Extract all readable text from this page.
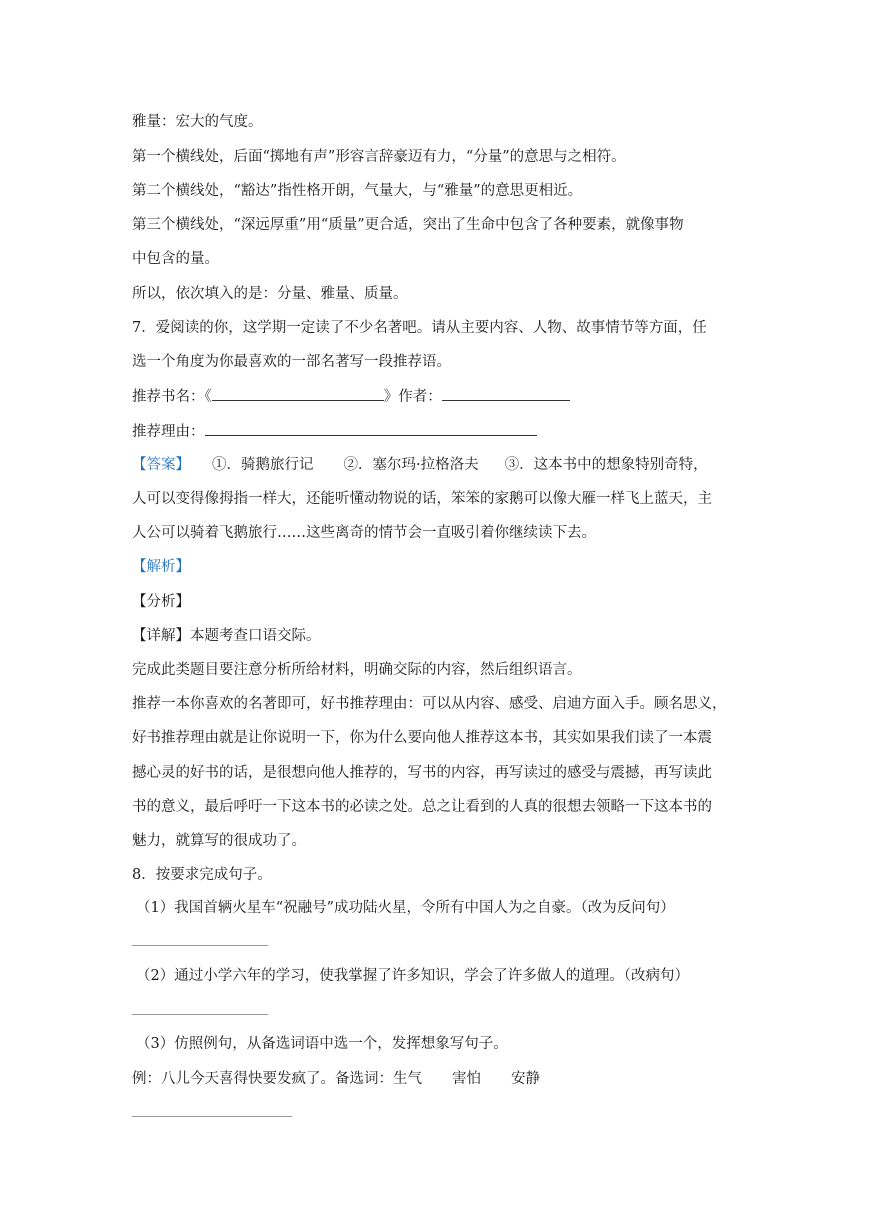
雅量：宏大的气度。
第一个横线处，后面“掷地有声”形容言辞豪迈有力，“分量”的意思与之相符。
第二个横线处，“豁达”指性格开朗，气量大，与“雅量”的意思更相近。
第三个横线处，“深远厚重”用“质量”更合适，突出了生命中包含了各种要素，就像事物
中包含的量。
所以，依次填入的是：分量、雅量、质量。
7．爱阅读的你，这学期一定读了不少名著吧。请从主要内容、人物、故事情节等方面，任
选一个角度为你最喜欢的一部名著写一段推荐语。
推荐书名：《	》作者：
推荐理由：
【答案】 ①．骑鹅旅行记 ②．塞尔玛·拉格洛夫 ③．这本书中的想象特别奇特，
人可以变得像拇指一样大，还能听懂动物说的话，笨笨的家鹅可以像大雁一样飞上蓝天，主
人公可以骑着飞鹅旅行……这些离奇的情节会一直吸引着你继续读下去。
【解析】
【分析】
【详解】本题考查口语交际。
完成此类题目要注意分析所给材料，明确交际的内容，然后组织语言。
推荐一本你喜欢的名著即可，好书推荐理由：可以从内容、感受、启迪方面入手。顾名思义，
好书推荐理由就是让你说明一下，你为什么要向他人推荐这本书，其实如果我们读了一本震
撼心灵的好书的话，是很想向他人推荐的，写书的内容，再写读过的感受与震撼，再写读此
书的意义，最后呼吁一下这本书的必读之处。总之让看到的人真的很想去领略一下这本书的
魅力，就算写的很成功了。
8．按要求完成句子。
（1）我国首辆火星车“祝融号”成功陆火星，令所有中国人为之自豪。（改为反问句）
（2）通过小学六年的学习，使我掌握了许多知识，学会了许多做人的道理。（改病句）
（3）仿照例句，从备选词语中选一个，发挥想象写句子。
例：八儿今天喜得快要发疯了。备选词：生气 害怕 安静
